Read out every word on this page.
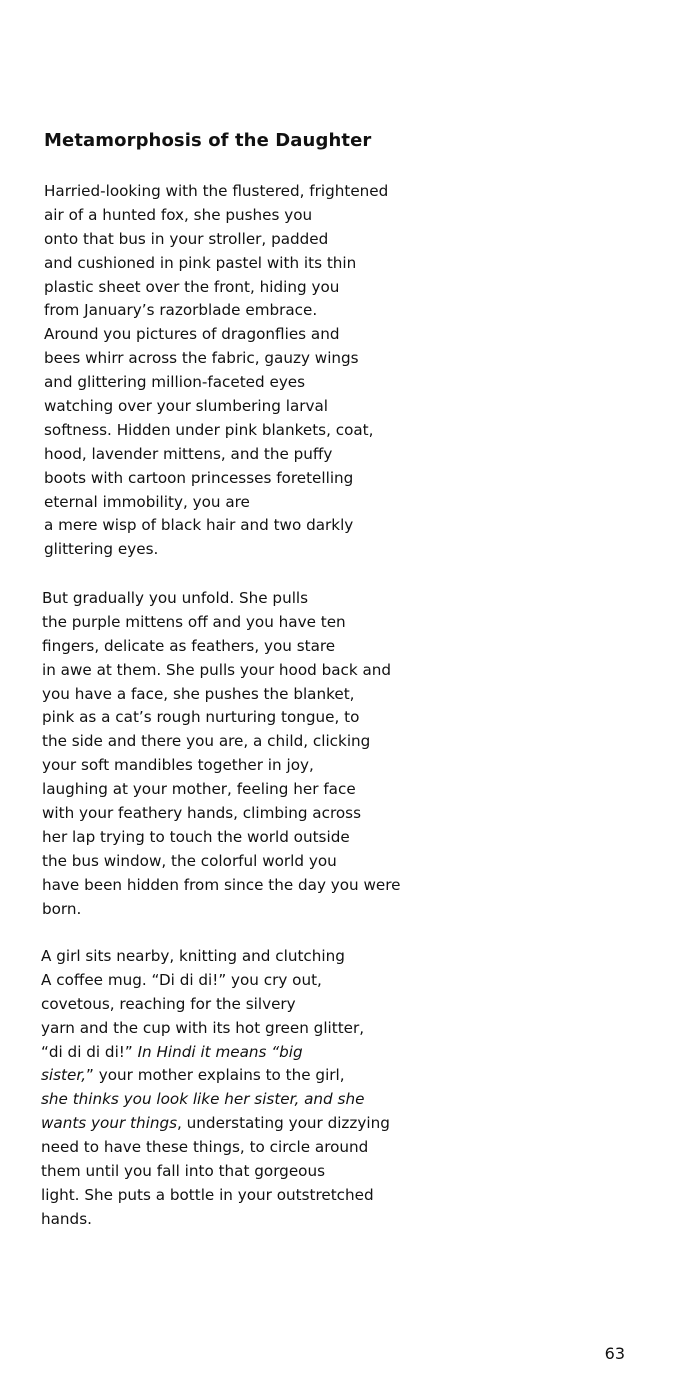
Metamorphosis of the Daughter
Harried-looking with the flustered, frightened
air of a hunted fox, she pushes you
onto that bus in your stroller, padded
and cushioned in pink pastel with its thin
plastic sheet over the front, hiding you
from January’s razorblade embrace.
Around you pictures of dragonflies and
bees whirr across the fabric, gauzy wings
and glittering million-faceted eyes
watching over your slumbering larval
softness. Hidden under pink blankets, coat,
hood, lavender mittens, and the puffy
boots with cartoon princesses foretelling
eternal immobility, you are
a mere wisp of black hair and two darkly
glittering eyes.
But gradually you unfold. She pulls
the purple mittens off and you have ten
fingers, delicate as feathers, you stare
in awe at them. She pulls your hood back and
you have a face, she pushes the blanket,
pink as a cat’s rough nurturing tongue, to
the side and there you are, a child, clicking
your soft mandibles together in joy,
laughing at your mother, feeling her face
with your feathery hands, climbing across
her lap trying to touch the world outside
the bus window, the colorful world you
have been hidden from since the day you were
born.
A girl sits nearby, knitting and clutching
A coffee mug. “Di di di!” you cry out,
covetous, reaching for the silvery
yarn and the cup with its hot green glitter,
“di di di di!” In Hindi it means “big
sister,” your mother explains to the girl,
she thinks you look like her sister, and she
wants your things, understating your dizzying
need to have these things, to circle around
them until you fall into that gorgeous
light. She puts a bottle in your outstretched
hands.
63
